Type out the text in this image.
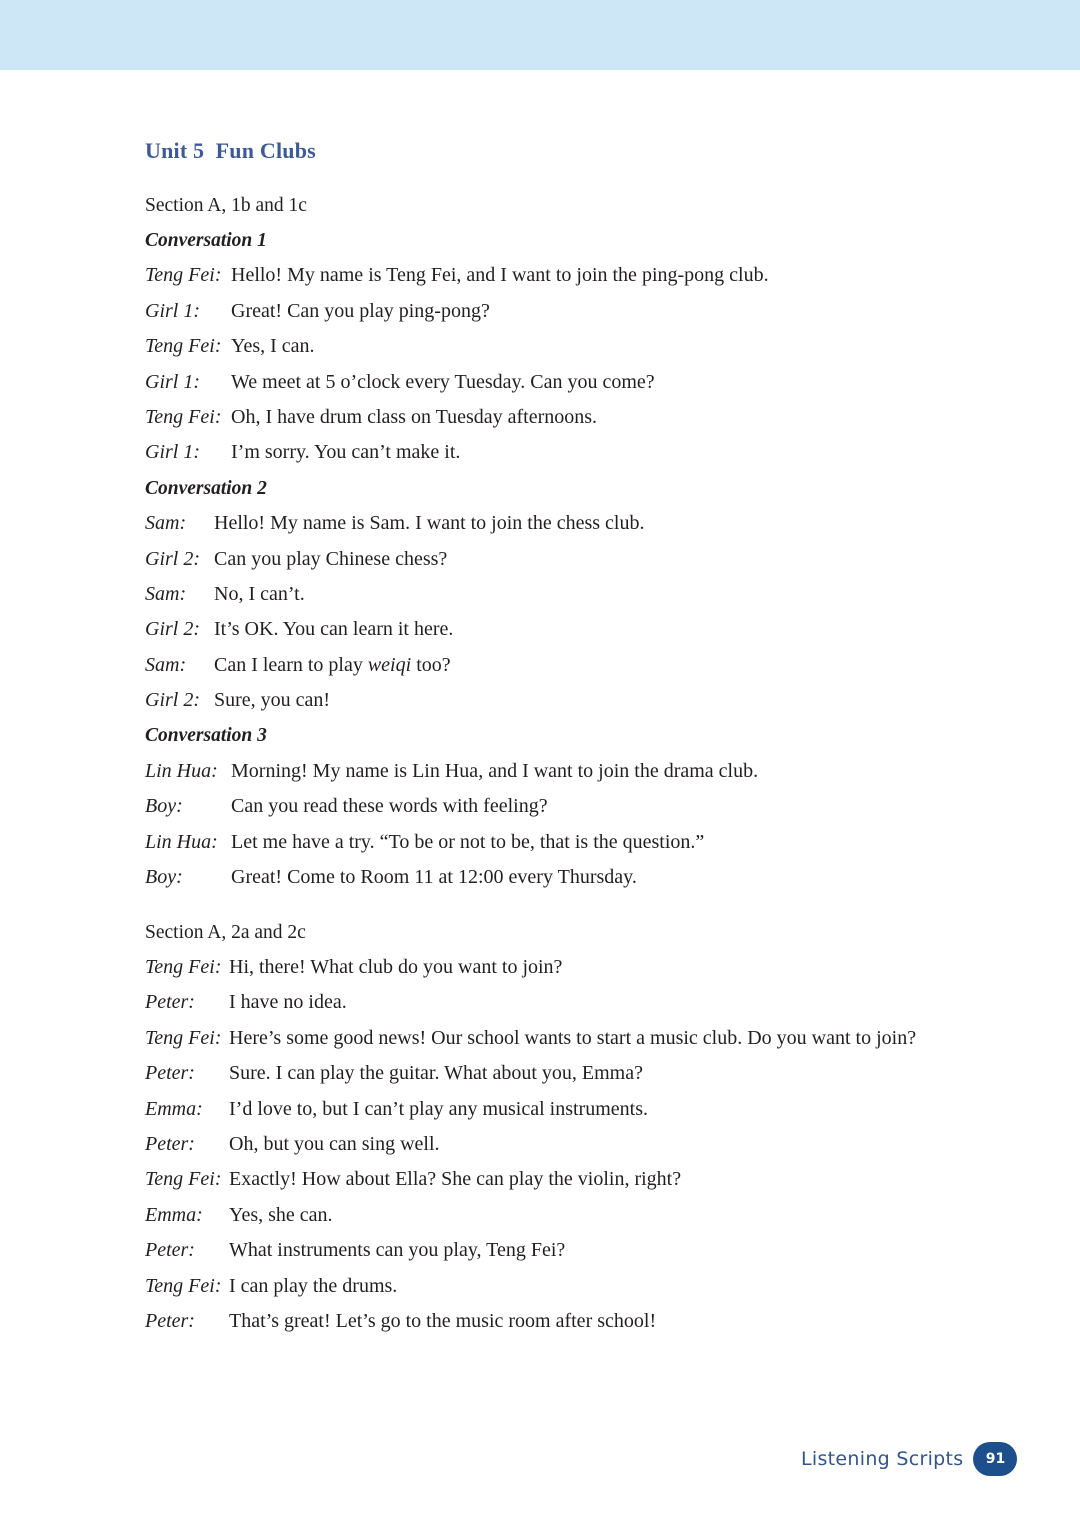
Unit 5  Fun Clubs
Section A, 1b and 1c
Conversation 1
Teng Fei: Hello! My name is Teng Fei, and I want to join the ping-pong club.
Girl 1:	Great! Can you play ping-pong?
Teng Fei: Yes, I can.
Girl 1:	We meet at 5 o’clock every Tuesday. Can you come?
Teng Fei: Oh, I have drum class on Tuesday afternoons.
Girl 1:	I’m sorry. You can’t make it.
Conversation 2
Sam:	Hello! My name is Sam. I want to join the chess club.
Girl 2: Can you play Chinese chess?
Sam:	No, I can’t.
Girl 2: It’s OK. You can learn it here.
Sam:	Can I learn to play weiqi too?
Girl 2: Sure, you can!
Conversation 3
Lin Hua: Morning! My name is Lin Hua, and I want to join the drama club.
Boy:	Can you read these words with feeling?
Lin Hua: Let me have a try. “To be or not to be, that is the question.”
Boy:	Great! Come to Room 11 at 12:00 every Thursday.
Section A, 2a and 2c
Teng Fei: Hi, there! What club do you want to join?
Peter:	I have no idea.
Teng Fei: Here’s some good news! Our school wants to start a music club. Do you want to join?
Peter:	Sure. I can play the guitar. What about you, Emma?
Emma:	I’d love to, but I can’t play any musical instruments.
Peter:	Oh, but you can sing well.
Teng Fei: Exactly! How about Ella? She can play the violin, right?
Emma:	Yes, she can.
Peter:	What instruments can you play, Teng Fei?
Teng Fei: I can play the drums.
Peter:	That’s great! Let’s go to the music room after school!
Listening Scripts	91
